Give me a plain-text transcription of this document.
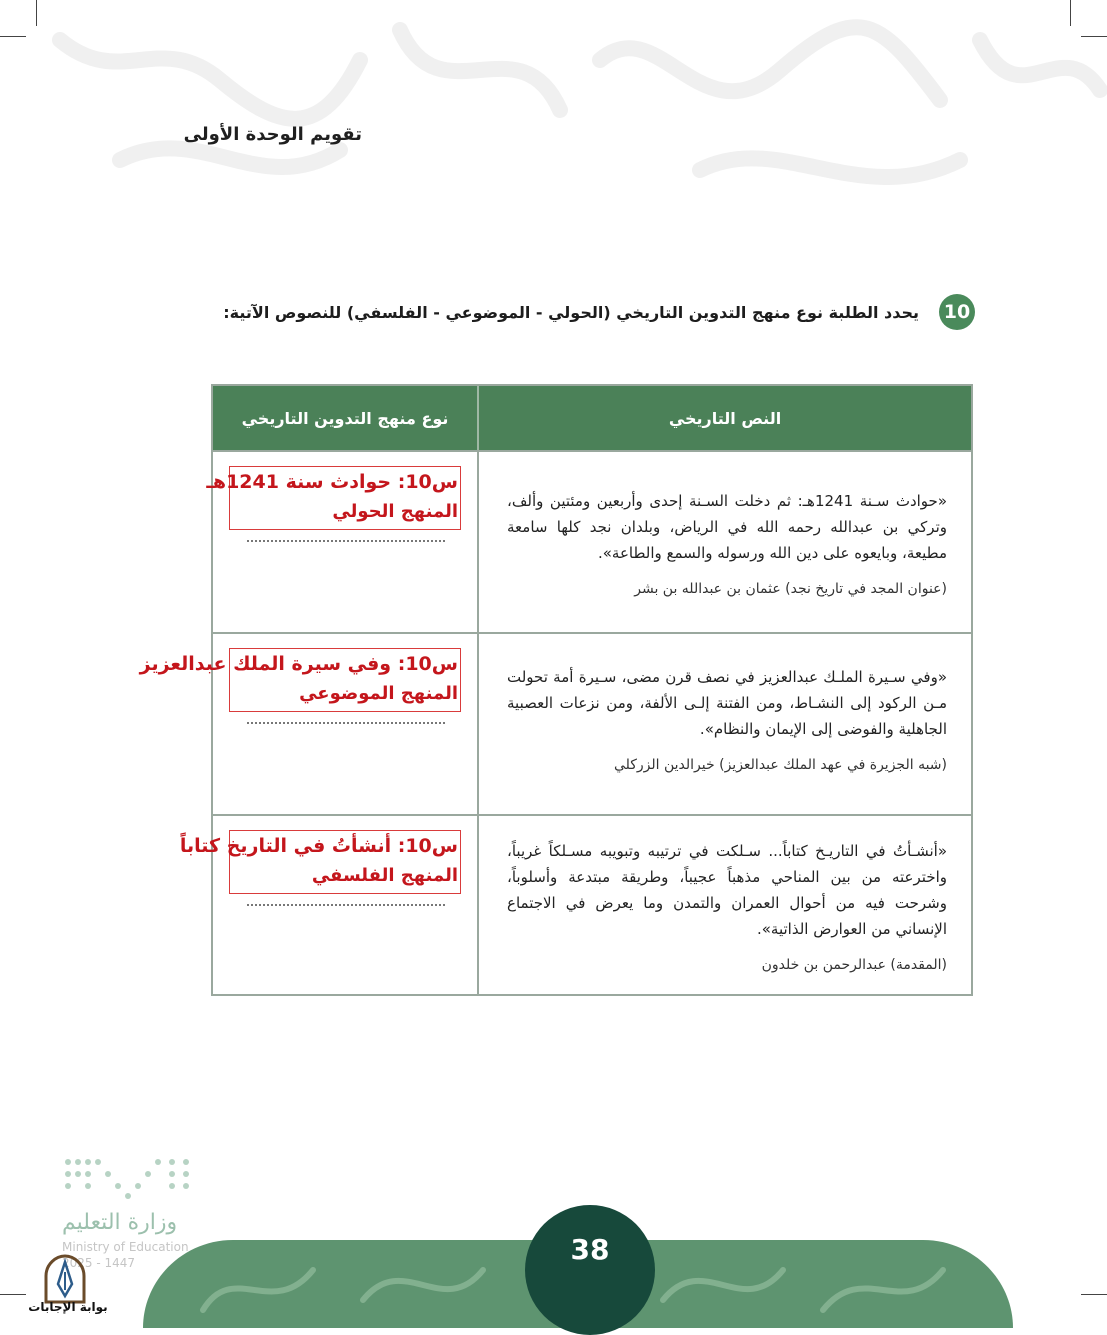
تقويم الوحدة الأولى
10
يحدد الطلبة نوع منهج التدوين التاريخي (الحولي - الموضوعي - الفلسفي) للنصوص الآتية:
النص التاريخي
نوع منهج التدوين التاريخي
«حوادث سـنة 1241هـ: ثم دخلت السـنة إحدى وأربعين ومئتين وألف، وتركي بن عبدالله رحمه الله في الرياض، وبلدان نجد كلها سامعة مطيعة، وبايعوه على دين الله ورسوله والسمع والطاعة».
(عنوان المجد في تاريخ نجد) عثمان بن عبدالله بن بشر
س10: حوادث سنة 1241هـ
المنهج الحولي
«وفي سـيرة الملـك عبدالعزيز في نصف قرن مضى، سـيرة أمة تحولت مـن الركود إلى النشـاط، ومن الفتنة إلـى الألفة، ومن نزعات العصبية الجاهلية والفوضى إلى الإيمان والنظام».
(شبه الجزيرة في عهد الملك عبدالعزيز) خيرالدين الزركلي
س10: وفي سيرة الملك عبدالعزيز
المنهج الموضوعي
«أنشـأتُ في التاريـخ كتاباً... سـلكت في ترتيبه وتبويبه مسـلكاً غريباً، واخترعته من بين المناحي مذهباً عجيباً، وطريقة مبتدعة وأسلوباً، وشرحت فيه من أحوال العمران والتمدن وما يعرض في الاجتماع الإنساني من العوارض الذاتية».
(المقدمة) عبدالرحمن بن خلدون
س10: أنشأتُ في التاريخ كتاباً
المنهج الفلسفي
38
وزارة التعليم
Ministry of Education
2025 - 1447
بوابة الإجابات
